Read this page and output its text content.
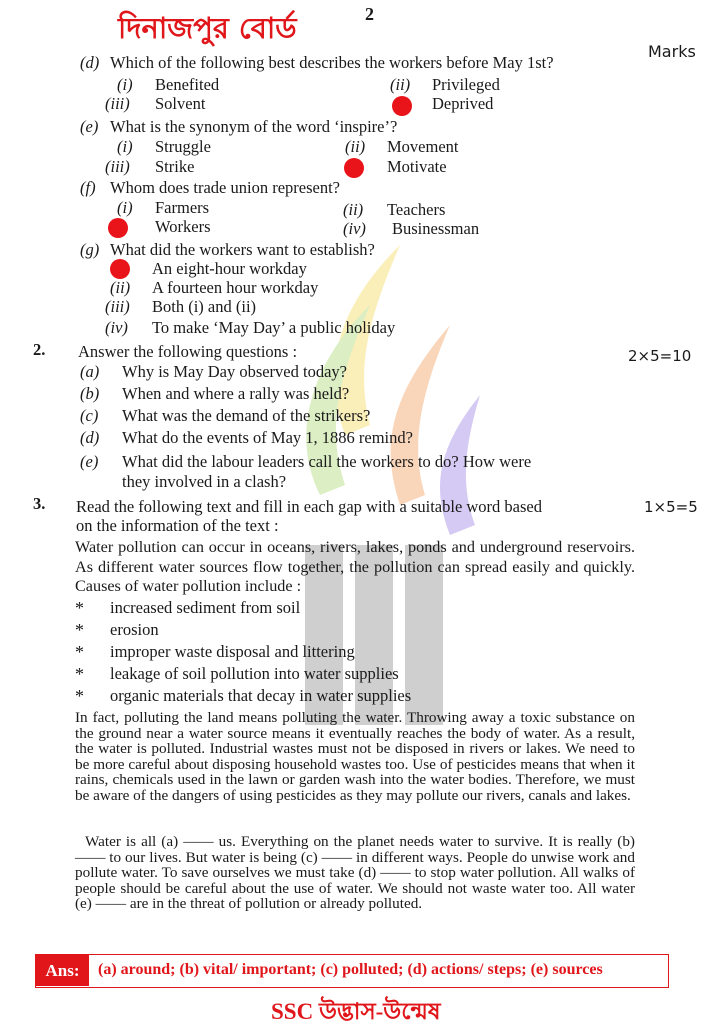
দিনাজপুর বোর্ড	2
Marks
(d) Which of the following best describes the workers before May 1st?
(i) Benefited	(ii) Privileged
(iii) Solvent	Deprived
(e) What is the synonym of the word ‘inspire’?
(i) Struggle	(ii) Movement
(iii) Strike	Motivate
(f) Whom does trade union represent?
(i) Farmers	(ii) Teachers
Workers	(iv) Businessman
(g) What did the workers want to establish?
An eight-hour workday
(ii) A fourteen hour workday
(iii) Both (i) and (ii)
(iv) To make ‘May Day’ a public holiday
2. Answer the following questions :	2×5=10
(a) Why is May Day observed today?
(b) When and where a rally was held?
(c) What was the demand of the strikers?
(d) What do the events of May 1, 1886 remind?
(e) What did the labour leaders call the workers to do? How were
they involved in a clash?
3. Read the following text and fill in each gap with a suitable word based
on the information of the text :
1×5=5
Water pollution can occur in oceans, rivers, lakes, ponds and underground reservoirs. As different water sources flow together, the pollution can spread easily and quickly. Causes of water pollution include :
* increased sediment from soil
* erosion
* improper waste disposal and littering
* leakage of soil pollution into water supplies
* organic materials that decay in water supplies
In fact, polluting the land means polluting the water. Throwing away a toxic substance on the ground near a water source means it eventually reaches the body of water. As a result, the water is polluted. Industrial wastes must not be disposed in rivers or lakes. We need to be more careful about disposing household wastes too. Use of pesticides means that when it rains, chemicals used in the lawn or garden wash into the water bodies. Therefore, we must be aware of the dangers of using pesticides as they may pollute our rivers, canals and lakes.
Water is all (a) —— us. Everything on the planet needs water to survive. It is really (b) —— to our lives. But water is being (c) —— in different ways. People do unwise work and pollute water. To save ourselves we must take (d) —— to stop water pollution. All walks of people should be careful about the use of water. We should not waste water too. All water (e) —— are in the threat of pollution or already polluted.
Ans:	(a) around; (b) vital/ important; (c) polluted; (d) actions/ steps; (e) sources
SSC উদ্ভাস-উন্মেষ
